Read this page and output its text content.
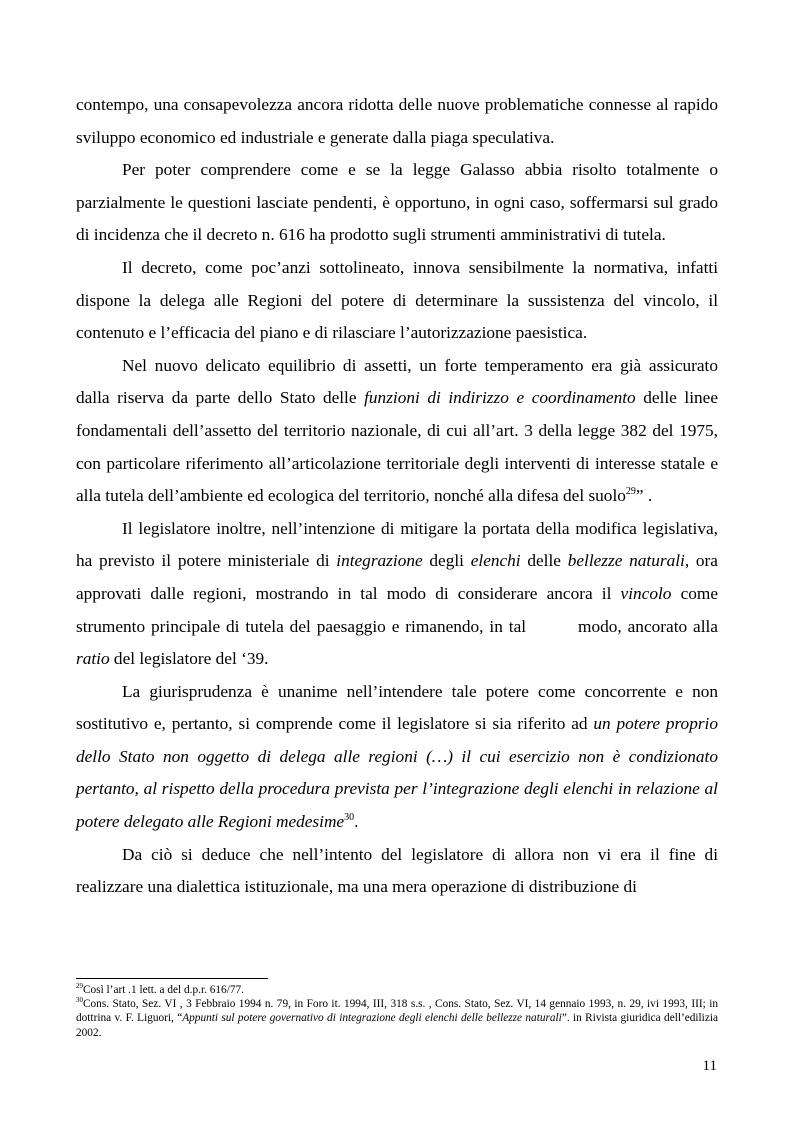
contempo, una consapevolezza ancora ridotta delle nuove problematiche connesse al rapido sviluppo economico ed industriale e generate dalla piaga speculativa.

Per poter comprendere come e se la legge Galasso abbia risolto totalmente o parzialmente le questioni lasciate pendenti, è opportuno, in ogni caso, soffermarsi sul grado di incidenza che il decreto n. 616 ha prodotto sugli strumenti amministrativi di tutela.

Il decreto, come poc’anzi sottolineato, innova sensibilmente la normativa, infatti dispone la delega alle Regioni del potere di determinare la sussistenza del vincolo, il contenuto e l’efficacia del piano e di rilasciare l’autorizzazione paesistica.

Nel nuovo delicato equilibrio di assetti, un forte temperamento era già assicurato dalla riserva da parte dello Stato delle funzioni di indirizzo e coordinamento delle linee fondamentali dell’assetto del territorio nazionale, di cui all’art. 3 della legge 382 del 1975, con particolare riferimento all’articolazione territoriale degli interventi di interesse statale e alla tutela dell’ambiente ed ecologica del territorio, nonché alla difesa del suolo$^{29}$” .

Il legislatore inoltre, nell’intenzione di mitigare la portata della modifica legislativa, ha previsto il potere ministeriale di integrazione degli elenchi delle bellezze naturali, ora approvati dalle regioni, mostrando in tal modo di considerare ancora il vincolo come strumento principale di tutela del paesaggio e rimanendo, in tal	modo, ancorato alla ratio del legislatore del ‘39.

La giurisprudenza è unanime nell’intendere tale potere come concorrente e non sostitutivo e, pertanto, si comprende come il legislatore si sia riferito ad un potere proprio dello Stato non oggetto di delega alle regioni (…) il cui esercizio non è condizionato pertanto, al rispetto della procedura prevista per l’integrazione degli elenchi in relazione al potere delegato alle Regioni medesime$^{30}$.

Da ciò si deduce che nell’intento del legislatore di allora non vi era il fine di realizzare una dialettica istituzionale, ma una mera operazione di distribuzione di

$^{29}$Così l’art .1 lett. a del d.p.r. 616/77.

$^{30}$Cons. Stato, Sez. VI , 3 Febbraio 1994 n. 79, in Foro it. 1994, III, 318 s.s. , Cons. Stato, Sez. VI, 14 gennaio 1993, n. 29, ivi 1993, III; in dottrina v. F. Liguori, “Appunti sul potere governativo di integrazione degli elenchi delle bellezze naturali”. in Rivista giuridica dell’edilizia 2002.

11
